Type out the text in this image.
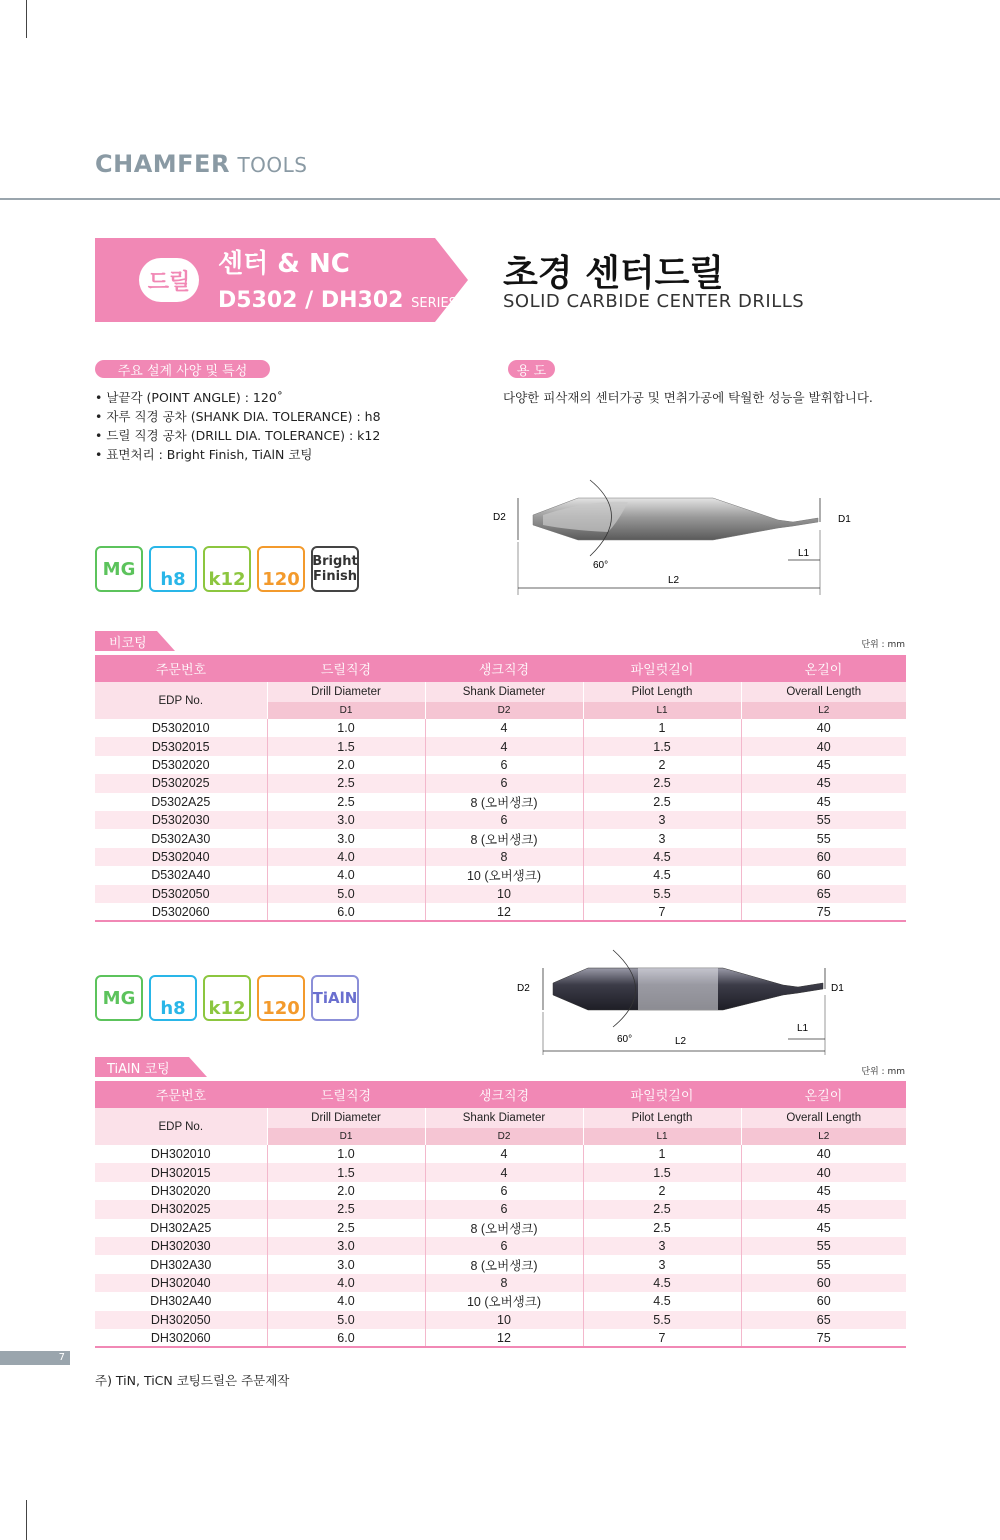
CHAMFER TOOLS
드릴
센터 & NC
D5302 / DH302 SERIES
초경 센터드릴
SOLID CARBIDE CENTER DRILLS
주요 설계 사양 및 특성
• 날끝각 (POINT ANGLE) : 120˚
• 자루 직경 공차 (SHANK DIA. TOLERANCE) : h8
• 드릴 직경 공차 (DRILL DIA. TOLERANCE) : k12
• 표면처리 : Bright Finish, TiAlN 코팅
용 도
다양한 피삭재의 센터가공 및 면취가공에 탁월한 성능을 발휘합니다.
D2	D1
L1
L2
60°
MG h8 k12 120
Bright
Finish
비코팅	단위 : mm
주문번호	드릴직경	생크직경	파일럿길이	온길이
EDP No.	Drill Diameter	Shank Diameter	Pilot Length	Overall Length
	D1	D2	L1	L2
D5302010	1.0	4	1	40
D5302015	1.5	4	1.5	40
D5302020	2.0	6	2	45
D5302025	2.5	6	2.5	45
D5302A25	2.5	8 (오버생크)	2.5	45
D5302030	3.0	6	3	55
D5302A30	3.0	8 (오버생크)	3	55
D5302040	4.0	8	4.5	60
D5302A40	4.0	10 (오버생크)	4.5	60
D5302050	5.0	10	5.5	65
D5302060	6.0	12	7	75
D2	D1
L1
L2
60°
MG h8 k12 120 TiAlN
TiAlN 코팅	단위 : mm
주문번호	드릴직경	생크직경	파일럿길이	온길이
EDP No.	Drill Diameter	Shank Diameter	Pilot Length	Overall Length
	D1	D2	L1	L2
DH302010	1.0	4	1	40
DH302015	1.5	4	1.5	40
DH302020	2.0	6	2	45
DH302025	2.5	6	2.5	45
DH302A25	2.5	8 (오버생크)	2.5	45
DH302030	3.0	6	3	55
DH302A30	3.0	8 (오버생크)	3	55
DH302040	4.0	8	4.5	60
DH302A40	4.0	10 (오버생크)	4.5	60
DH302050	5.0	10	5.5	65
DH302060	6.0	12	7	75
7
주) TiN, TiCN 코팅드릴은 주문제작
